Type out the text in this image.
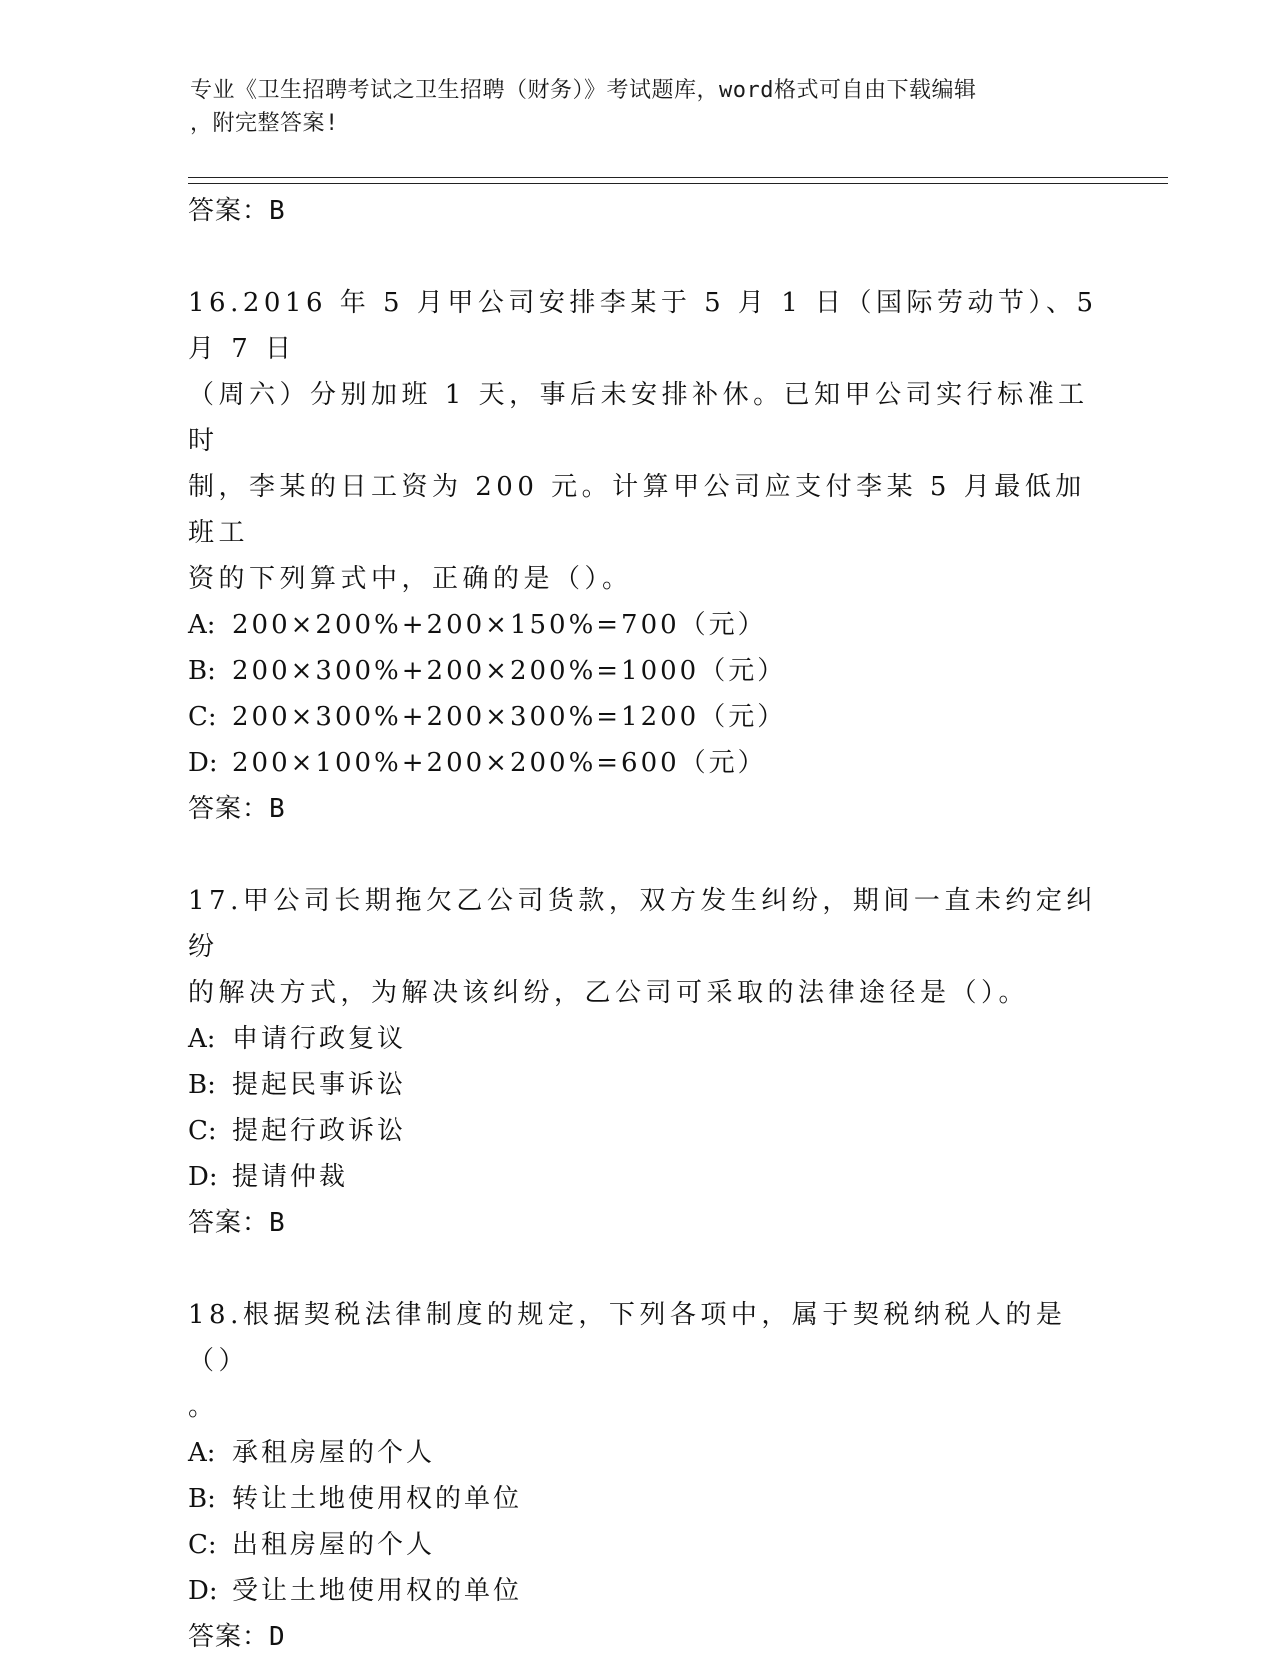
专业《卫生招聘考试之卫生招聘（财务）》考试题库，word格式可自由下载编辑
，附完整答案!
答案：B
16.2016 年 5 月甲公司安排李某于 5 月 1 日（国际劳动节）、5 月 7 日
（周六）分别加班 1 天，事后未安排补休。已知甲公司实行标准工时
制，李某的日工资为 200 元。计算甲公司应支付李某 5 月最低加班工
资的下列算式中，正确的是（）。
A: 200×200%+200×150%=700（元）
B: 200×300%+200×200%=1000（元）
C: 200×300%+200×300%=1200（元）
D: 200×100%+200×200%=600（元）
答案：B
17.甲公司长期拖欠乙公司货款，双方发生纠纷，期间一直未约定纠纷
的解决方式，为解决该纠纷，乙公司可采取的法律途径是（）。
A: 申请行政复议
B: 提起民事诉讼
C: 提起行政诉讼
D: 提请仲裁
答案：B
18.根据契税法律制度的规定，下列各项中，属于契税纳税人的是（）
。
A: 承租房屋的个人
B: 转让土地使用权的单位
C: 出租房屋的个人
D: 受让土地使用权的单位
答案：D
